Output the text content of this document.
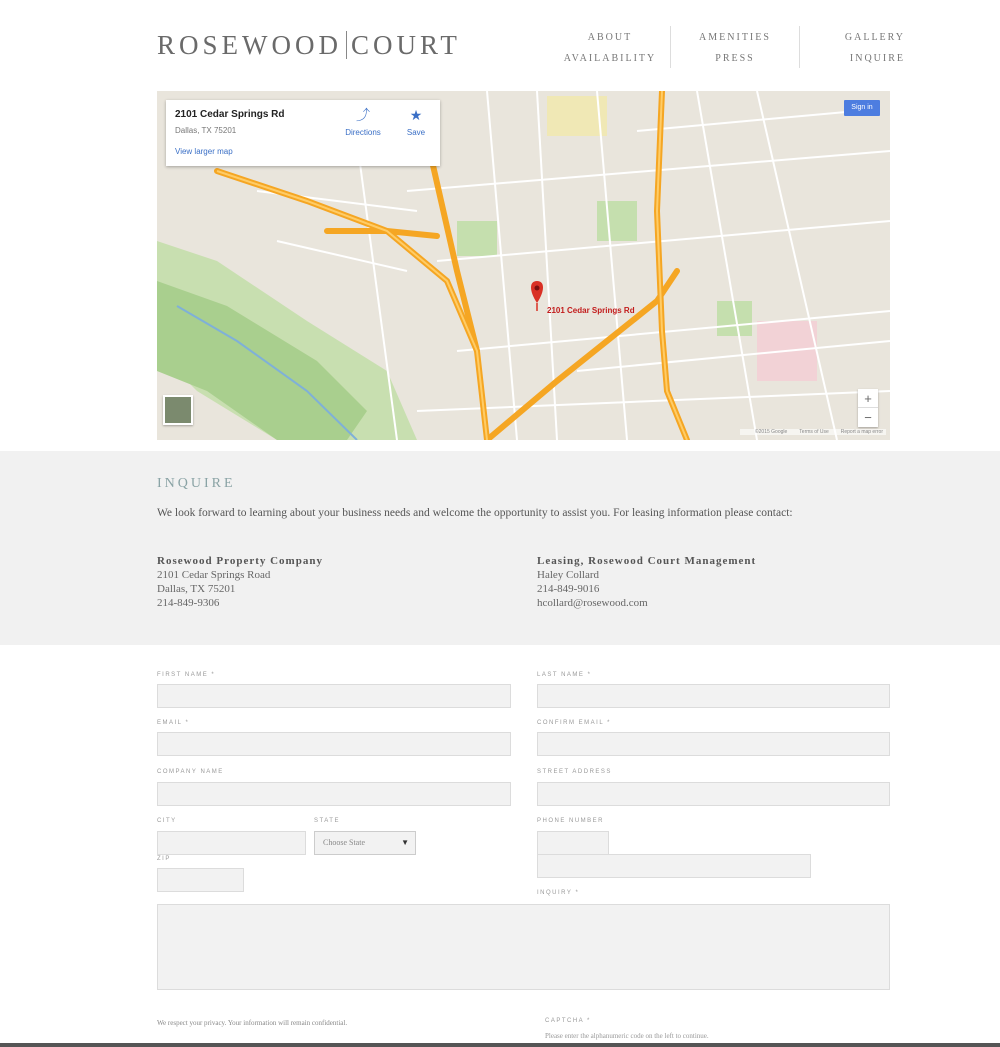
ROSEWOOD COURT	ABOUT
AVAILABILITY
AMENITIES
PRESS
GALLERY
INQUIRE
2101 Cedar Springs Rd
Dallas, TX 75201
View larger map
⤴
Directions
★
Save
Sign in
2101 Cedar Springs Rd
+
−
©2015 Google Terms of Use Report a map error
INQUIRE
We look forward to learning about your business needs and welcome the opportunity to assist you. For leasing information please contact:
Rosewood Property Company
2101 Cedar Springs Road
Dallas, TX 75201
214-849-9306
Leasing, Rosewood Court Management
Haley Collard
214-849-9016
hcollard@rosewood.com
FIRST NAME *	LAST NAME *
EMAIL *	CONFIRM EMAIL *
COMPANY NAME	STREET ADDRESS
CITY	STATE
Choose State	▼
PHONE NUMBER
ZIP
INQUIRY *
We respect your privacy. Your information will remain confidential.	CAPTCHA *
Please enter the alphanumeric code on the left to continue.
